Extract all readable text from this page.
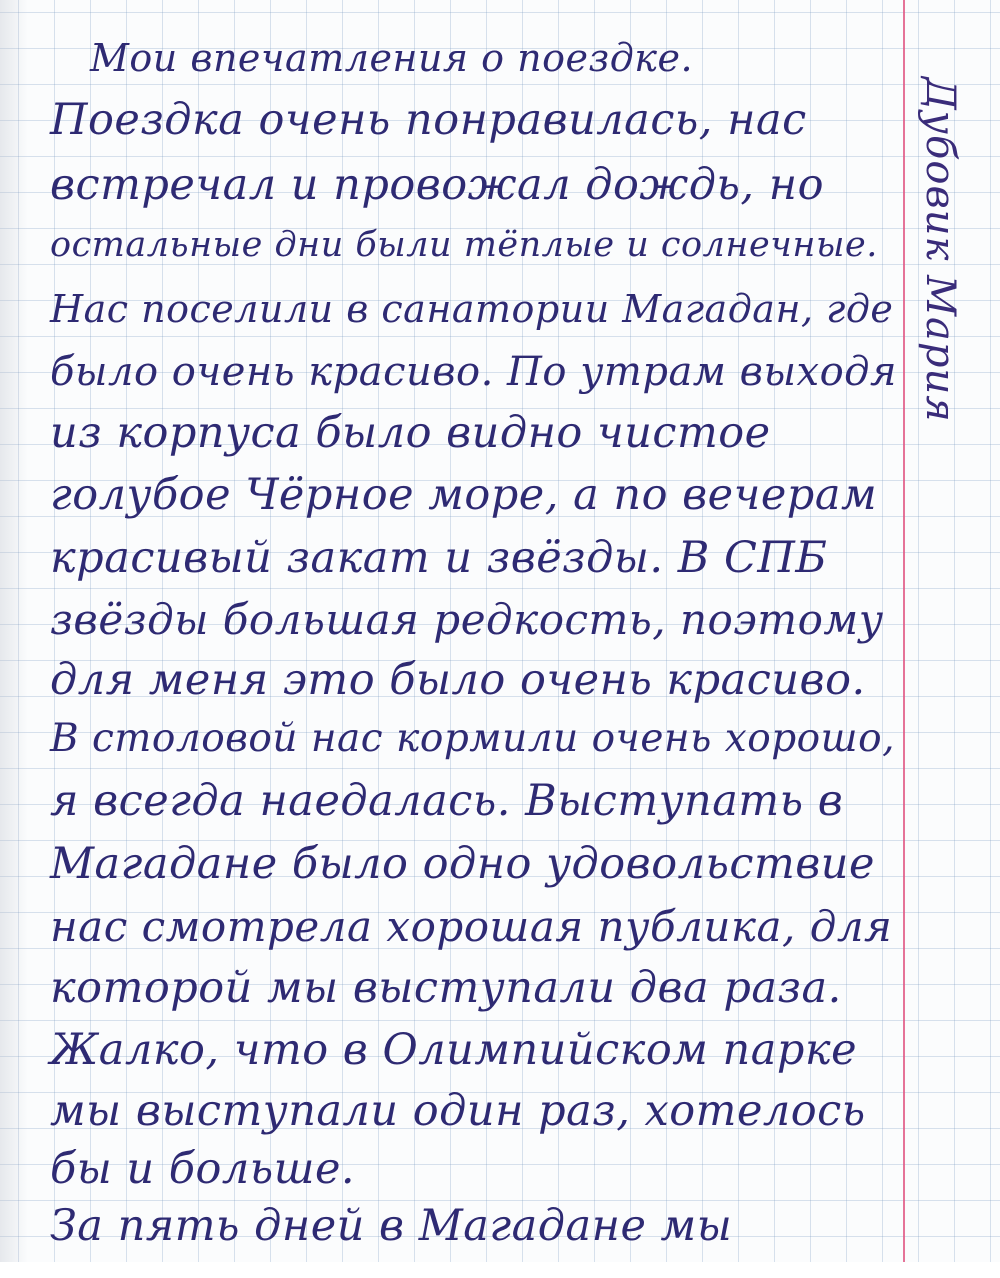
Мои впечатления о поездке.
Поездка очень понравилась, нас
встречал и провожал дождь, но
остальные дни были тёплые и солнечные.
Нас поселили в санатории Магадан, где
было очень красиво. По утрам выходя
из корпуса было видно чистое
голубое Чёрное море, а по вечерам
красивый закат и звёзды. В СПБ
звёзды большая редкость, поэтому
для меня это было очень красиво.
В столовой нас кормили очень хорошо,
я всегда наедалась. Выступать в
Магадане было одно удовольствие
нас смотрела хорошая публика, для
которой мы выступали два раза.
Жалко, что в Олимпийском парке
мы выступали один раз, хотелось
бы и больше.
За пять дней в Магадане мы
Дубовик Мария
